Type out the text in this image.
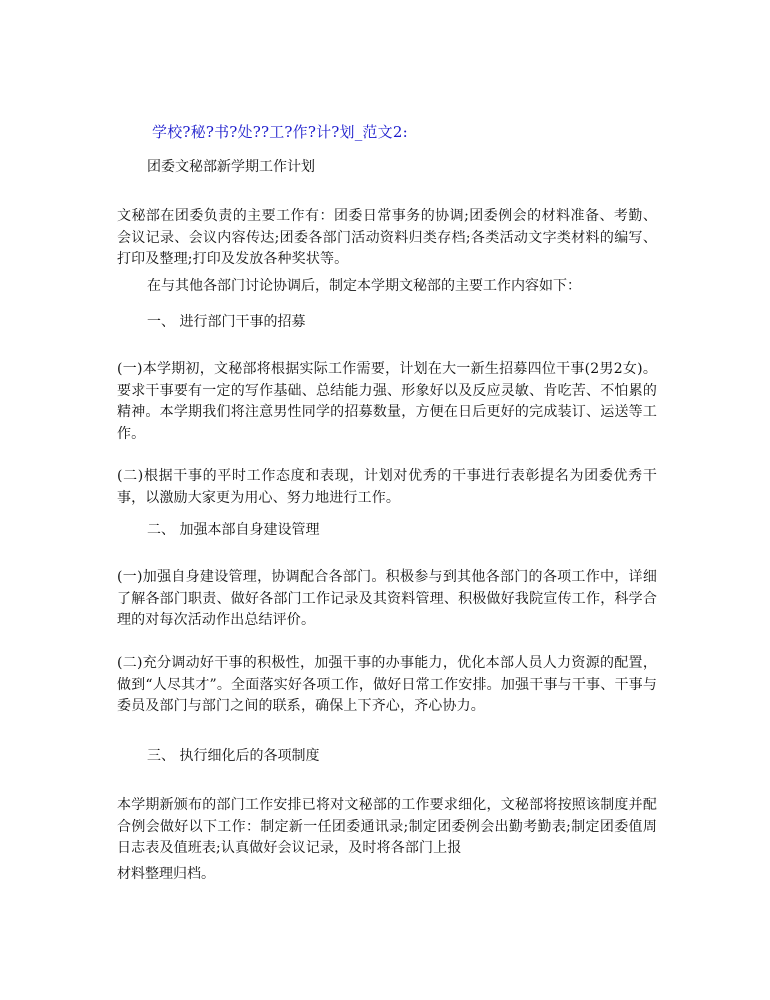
学校?秘?书?处??工?作?计?划_范文2:
团委文秘部新学期工作计划
文秘部在团委负责的主要工作有：团委日常事务的协调;团委例会的材料准备、考勤、会议记录、会议内容传达;团委各部门活动资料归类存档;各类活动文字类材料的编写、打印及整理;打印及发放各种奖状等。
在与其他各部门讨论协调后，制定本学期文秘部的主要工作内容如下：
一、 进行部门干事的招募
(一)本学期初，文秘部将根据实际工作需要，计划在大一新生招募四位干事(2男2女)。要求干事要有一定的写作基础、总结能力强、形象好以及反应灵敏、肯吃苦、不怕累的精神。本学期我们将注意男性同学的招募数量，方便在日后更好的完成装订、运送等工作。
(二)根据干事的平时工作态度和表现，计划对优秀的干事进行表彰提名为团委优秀干事，以激励大家更为用心、努力地进行工作。
二、 加强本部自身建设管理
(一)加强自身建设管理，协调配合各部门。积极参与到其他各部门的各项工作中，详细了解各部门职责、做好各部门工作记录及其资料管理、积极做好我院宣传工作，科学合理的对每次活动作出总结评价。
(二)充分调动好干事的积极性，加强干事的办事能力，优化本部人员人力资源的配置，做到“人尽其才”。全面落实好各项工作，做好日常工作安排。加强干事与干事、干事与委员及部门与部门之间的联系，确保上下齐心，齐心协力。
三、 执行细化后的各项制度
本学期新颁布的部门工作安排已将对文秘部的工作要求细化，文秘部将按照该制度并配合例会做好以下工作：制定新一任团委通讯录;制定团委例会出勤考勤表;制定团委值周日志表及值班表;认真做好会议记录，及时将各部门上报
材料整理归档。
